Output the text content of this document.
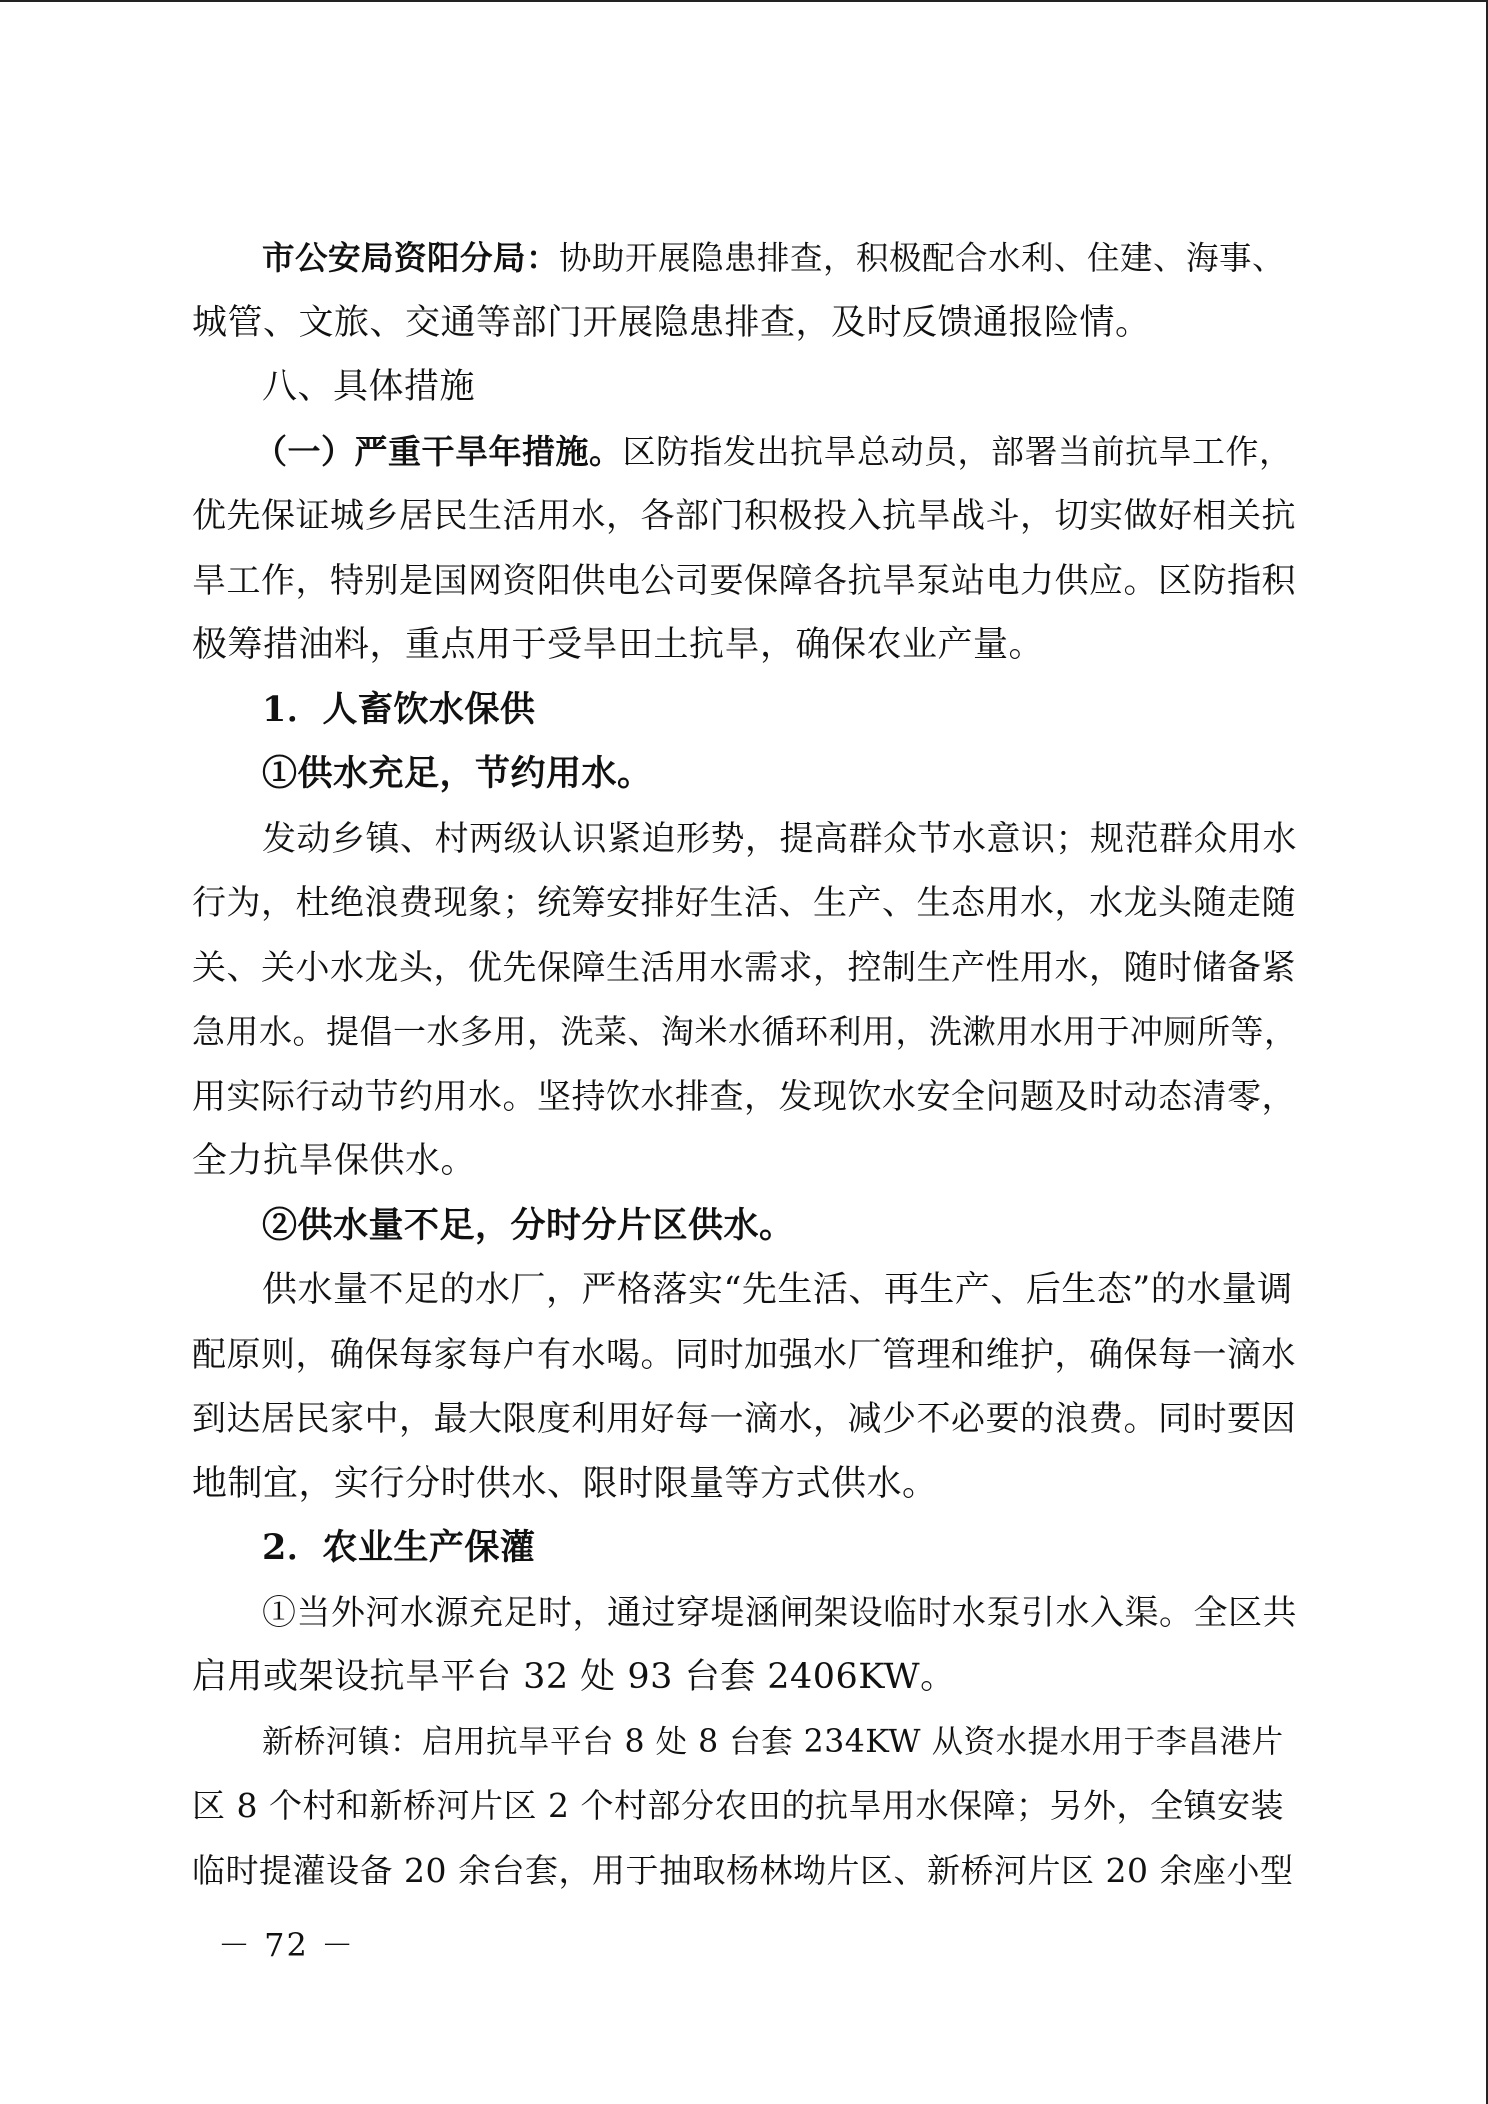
市公安局资阳分局：协助开展隐患排查，积极配合水利、住建、海事、
城管、文旅、交通等部门开展隐患排查，及时反馈通报险情。
八、具体措施
（一）严重干旱年措施。区防指发出抗旱总动员，部署当前抗旱工作，
优先保证城乡居民生活用水，各部门积极投入抗旱战斗，切实做好相关抗
旱工作，特别是国网资阳供电公司要保障各抗旱泵站电力供应。区防指积
极筹措油料，重点用于受旱田土抗旱，确保农业产量。
1．人畜饮水保供
①供水充足，节约用水。
发动乡镇、村两级认识紧迫形势，提高群众节水意识；规范群众用水
行为，杜绝浪费现象；统筹安排好生活、生产、生态用水，水龙头随走随
关、关小水龙头，优先保障生活用水需求，控制生产性用水，随时储备紧
急用水。提倡一水多用，洗菜、淘米水循环利用，洗漱用水用于冲厕所等，
用实际行动节约用水。坚持饮水排查，发现饮水安全问题及时动态清零，
全力抗旱保供水。
②供水量不足，分时分片区供水。
供水量不足的水厂，严格落实“先生活、再生产、后生态”的水量调
配原则，确保每家每户有水喝。同时加强水厂管理和维护，确保每一滴水
到达居民家中，最大限度利用好每一滴水，减少不必要的浪费。同时要因
地制宜，实行分时供水、限时限量等方式供水。
2．农业生产保灌
①当外河水源充足时，通过穿堤涵闸架设临时水泵引水入渠。全区共
启用或架设抗旱平台 32 处 93 台套 2406KW。
新桥河镇：启用抗旱平台 8 处 8 台套 234KW 从资水提水用于李昌港片
区 8 个村和新桥河片区 2 个村部分农田的抗旱用水保障；另外，全镇安装
临时提灌设备 20 余台套，用于抽取杨林坳片区、新桥河片区 20 余座小型
－ 72 －
